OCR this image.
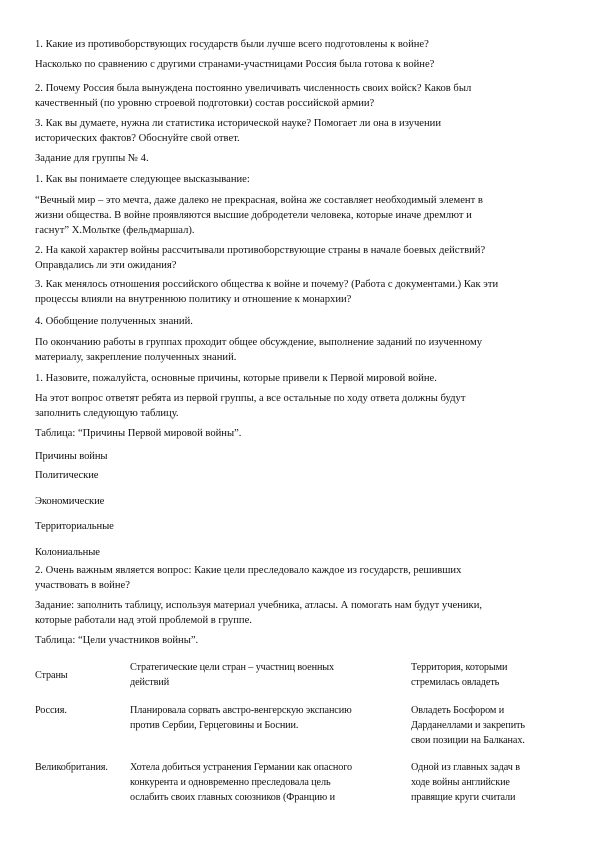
1. Какие из противоборствующих государств были лучше всего подготовлены к войне?

Насколько по сравнению с другими странами-участницами Россия была готова к войне?

2. Почему Россия была вынуждена постоянно увеличивать численность своих войск? Каков был
качественный (по уровню строевой подготовки) состав российской армии?

3. Как вы думаете, нужна ли статистика исторической науке? Помогает ли она в изучении
исторических фактов? Обоснуйте свой ответ.

Задание для группы № 4.

1. Как вы понимаете следующее высказывание:

“Вечный мир – это мечта, даже далеко не прекрасная, война же составляет необходимый элемент в
жизни общества. В войне проявляются высшие добродетели человека, которые иначе дремлют и
гаснут” Х.Мольтке (фельдмаршал).

2. На какой характер войны рассчитывали противоборствующие страны в начале боевых действий?
Оправдались ли эти ожидания?

3. Как менялось отношения российского общества к войне и почему? (Работа с документами.) Как эти
процессы влияли на внутреннюю политику и отношение к монархии?

4. Обобщение полученных знаний.

По окончанию работы в группах проходит общее обсуждение, выполнение заданий по изученному
материалу, закрепление полученных знаний.

1. Назовите, пожалуйста, основные причины, которые привели к Первой мировой войне.

На этот вопрос ответят ребята из первой группы, а все остальные по ходу ответа должны будут
заполнить следующую таблицу.

Таблица: “Причины Первой мировой войны”.

Причины войны

Политические

Экономические

Территориальные

Колониальные

2. Очень важным является вопрос: Какие цели преследовало каждое из государств, решивших
участвовать в войне?

Задание: заполнить таблицу, используя материал учебника, атласы. А помогать нам будут ученики,
которые работали над этой проблемой в группе.

Таблица: “Цели участников войны”.

Страны

Стратегические цели стран – участниц военных
действий

Территория, которыми
стремилась овладеть

Россия.	Планировала сорвать австро-венгерскую экспансию
против Сербии, Герцеговины и Боснии.

Овладеть Босфором и
Дарданеллами и закрепить
свои позиции на Балканах.

Великобритания. Хотела добиться устранения Германии как опасного
конкурента и одновременно преследовала цель
ослабить своих главных союзников (Францию и

Одной из главных задач в
ходе войны английские
правящие круги считали
